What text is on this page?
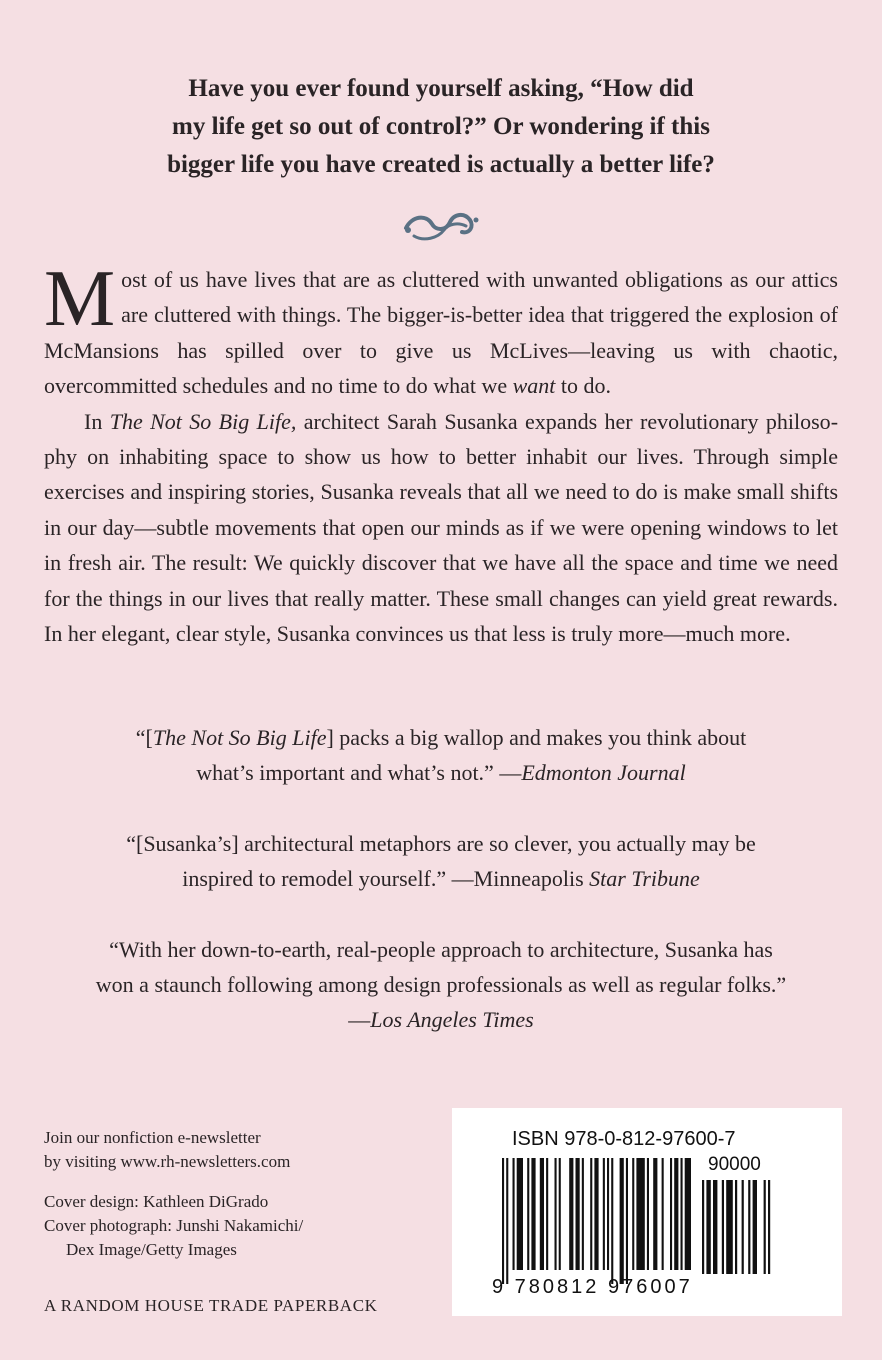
Have you ever found yourself asking, “How did
my life get so out of control?” Or wondering if this
bigger life you have created is actually a better life?

Most of us have lives that are as cluttered with unwanted obligations as our attics are cluttered with things. The bigger-is-better idea that triggered the explosion of McMansions has spilled over to give us McLives—leaving us with chaotic, overcommitted schedules and no time to do what we want to do.

In The Not So Big Life, architect Sarah Susanka expands her revolutionary philosophy on inhabiting space to show us how to better inhabit our lives. Through simple exercises and inspiring stories, Susanka reveals that all we need to do is make small shifts in our day—subtle movements that open our minds as if we were opening windows to let in fresh air. The result: We quickly discover that we have all the space and time we need for the things in our lives that really matter. These small changes can yield great rewards. In her elegant, clear style, Susanka convinces us that less is truly more—much more.

“[The Not So Big Life] packs a big wallop and makes you think about
what’s important and what’s not.” —Edmonton Journal
“[Susanka’s] architectural metaphors are so clever, you actually may be
inspired to remodel yourself.” —Minneapolis Star Tribune
“With her down-to-earth, real-people approach to architecture, Susanka has
won a staunch following among design professionals as well as regular folks.”
—Los Angeles Times

Join our nonfiction e-newsletter

by visiting www.rh-newsletters.com

Cover design: Kathleen DiGrado

Cover photograph: Junshi Nakamichi/

Dex Image/Getty Images

A RANDOM HOUSE TRADE PAPERBACK
ISBN 978-0-812-97600-7
90000
9 780812 976007
